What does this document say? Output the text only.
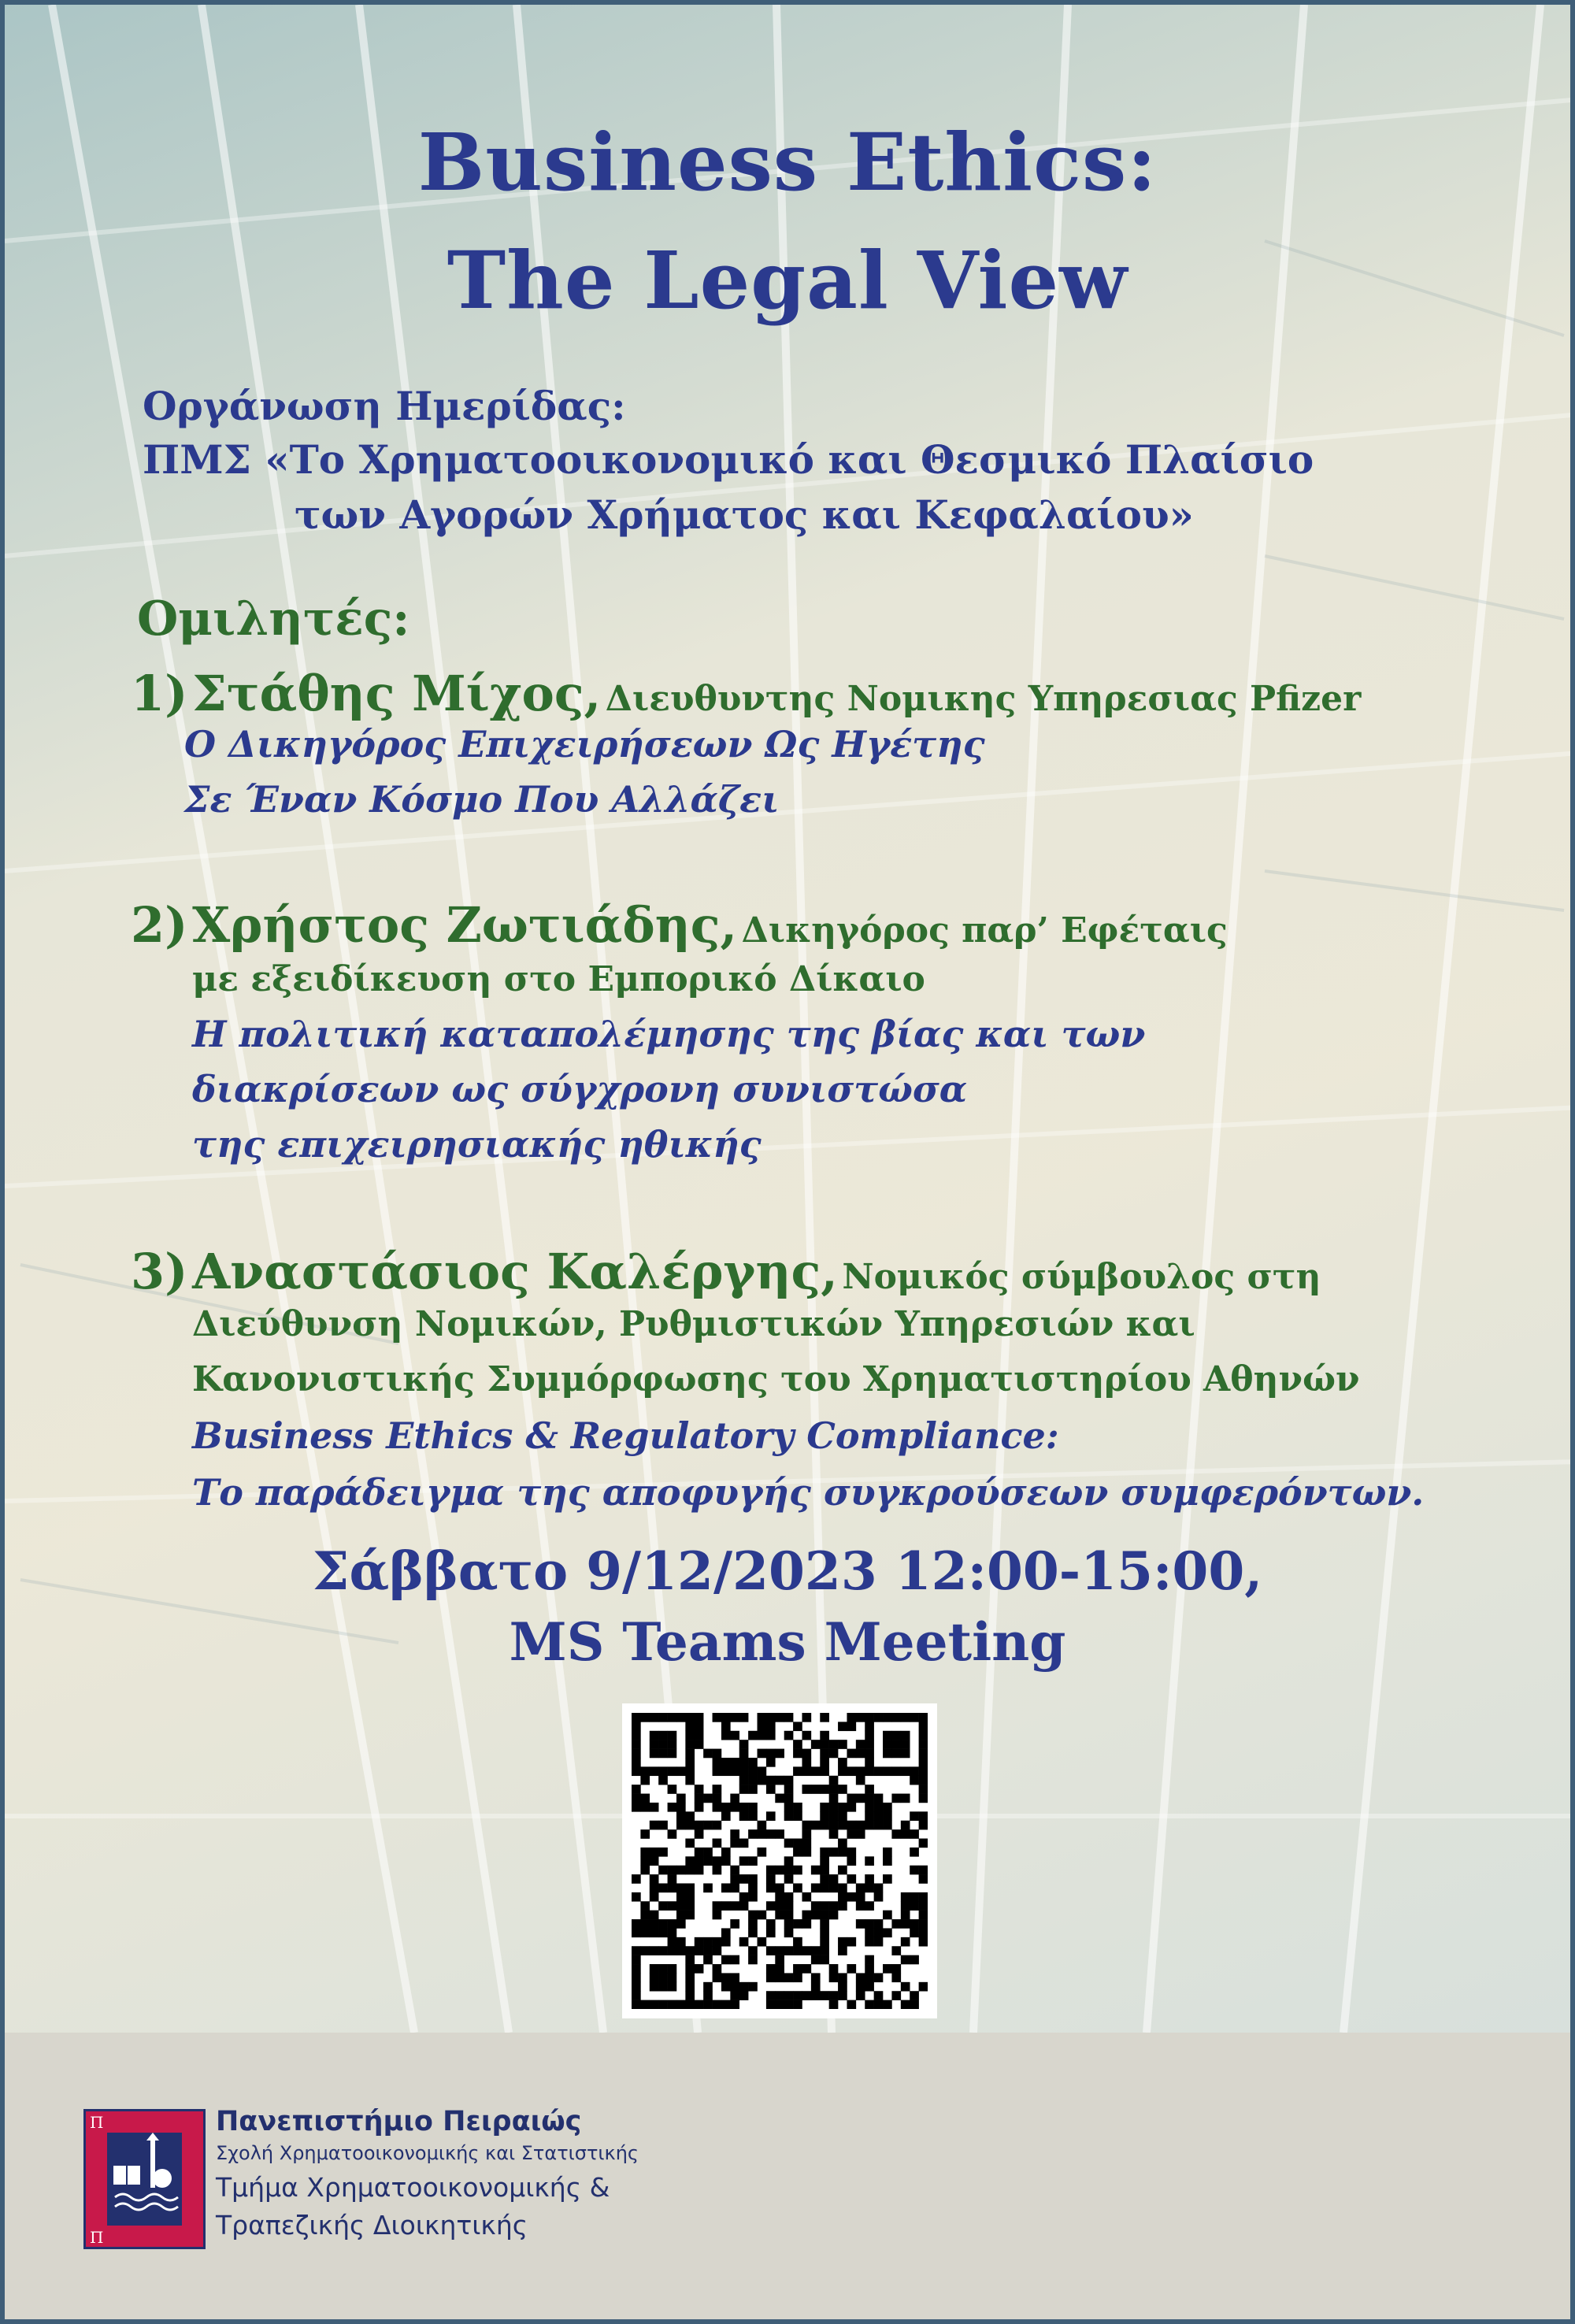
Business Ethics:
The Legal View
Οργάνωση Ημερίδας:
ΠΜΣ «Το Χρηματοοικονομικό και Θεσμικό Πλαίσιο
των Αγορών Χρήματος και Κεφαλαίου»
Ομιλητές:
1) Στάθης Μίχος, Διευθυντης Νομικης Υπηρεσιας Pfizer
Ο Δικηγόρος Επιχειρήσεων Ως Ηγέτης
Σε Έναν Κόσμο Που Αλλάζει
2) Χρήστος Ζωτιάδης, Δικηγόρος παρ’ Εφέταις
με εξειδίκευση στο Εμπορικό Δίκαιο
Η πολιτική καταπολέμησης της βίας και των
διακρίσεων ως σύγχρονη συνιστώσα
της επιχειρησιακής ηθικής
3) Αναστάσιος Καλέργης, Νομικός σύμβουλος στη
Διεύθυνση Νομικών, Ρυθμιστικών Υπηρεσιών και
Κανονιστικής Συμμόρφωσης του Χρηματιστηρίου Αθηνών
Business Ethics & Regulatory Compliance:
Το παράδειγμα της αποφυγής συγκρούσεων συμφερόντων.
Σάββατο 9/12/2023 12:00-15:00,
MS Teams Meeting
Π
Π
Πανεπιστήμιο Πειραιώς
Σχολή Χρηματοοικονομικής και Στατιστικής
Τμήμα Χρηματοοικονομικής &
Τραπεζικής Διοικητικής
